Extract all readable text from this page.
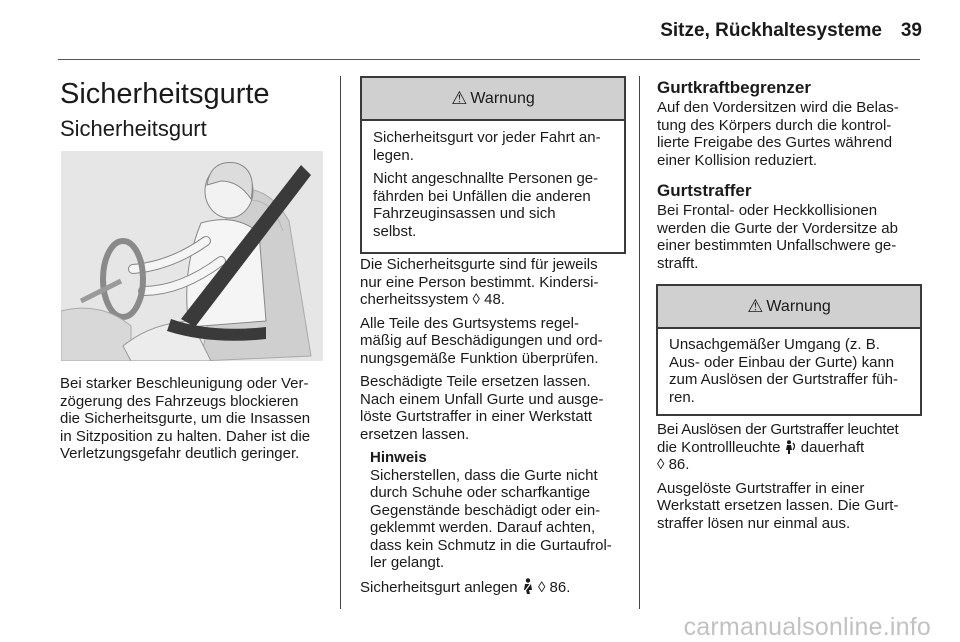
Sitze, Rückhaltesysteme 39
Sicherheitsgurte
Sicherheitsgurt
Bei starker Beschleunigung oder Ver-
zögerung des Fahrzeugs blockieren
die Sicherheitsgurte, um die Insassen
in Sitzposition zu halten. Daher ist die
Verletzungsgefahr deutlich geringer.
⚠ Warnung

Sicherheitsgurt vor jeder Fahrt an-
legen.

Nicht angeschnallte Personen ge-
fährden bei Unfällen die anderen
Fahrzeuginsassen und sich
selbst.

Die Sicherheitsgurte sind für jeweils
nur eine Person bestimmt. Kindersi-
cherheitssystem ◊ 48.

Alle Teile des Gurtsystems regel-
mäßig auf Beschädigungen und ord-
nungsgemäße Funktion überprüfen.

Beschädigte Teile ersetzen lassen.
Nach einem Unfall Gurte und ausge-
löste Gurtstraffer in einer Werkstatt
ersetzen lassen.

Hinweis
Sicherstellen, dass die Gurte nicht
durch Schuhe oder scharfkantige
Gegenstände beschädigt oder ein-
geklemmt werden. Darauf achten,
dass kein Schmutz in die Gurtaufrol-
ler gelangt.

Sicherheitsgurt anlegen ◊ 86.

Gurtkraftbegrenzer
Auf den Vordersitzen wird die Belas-
tung des Körpers durch die kontrol-
lierte Freigabe des Gurtes während
einer Kollision reduziert.

Gurtstraffer
Bei Frontal- oder Heckkollisionen
werden die Gurte der Vordersitze ab
einer bestimmten Unfallschwere ge-
strafft.

⚠ Warnung
Unsachgemäßer Umgang (z. B.
Aus- oder Einbau der Gurte) kann
zum Auslösen der Gurtstraffer füh-
ren.

Bei Auslösen der Gurtstraffer leuchtet
die Kontrollleuchte dauerhaft
◊ 86.

Ausgelöste Gurtstraffer in einer
Werkstatt ersetzen lassen. Die Gurt-
straffer lösen nur einmal aus.

carmanualsonline.info
